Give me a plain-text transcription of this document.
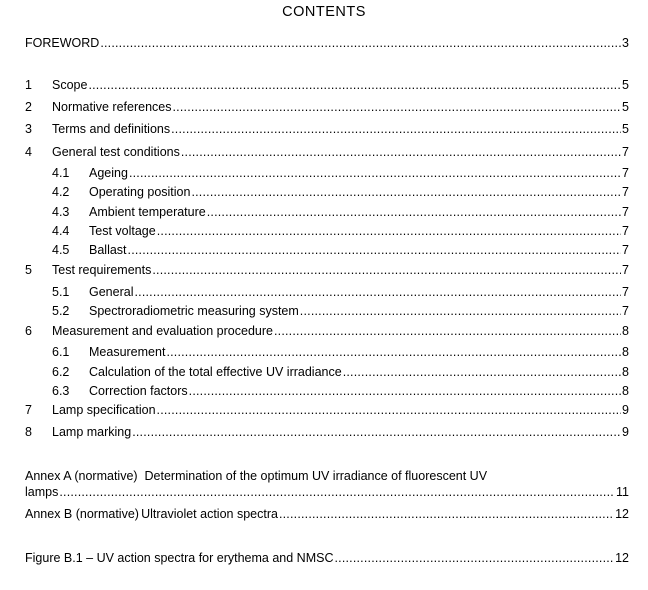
CONTENTS
FOREWORD .....	3
1	Scope .....	5
2	Normative references .....	5
3	Terms and definitions .....	5
4	General test conditions .....	7
4.1	Ageing .....	7
4.2	Operating position .....	7
4.3	Ambient temperature .....	7
4.4	Test voltage .....	7
4.5	Ballast .....	7
5	Test requirements .....	7
5.1	General .....	7
5.2	Spectroradiometric measuring system .....	7
6	Measurement and evaluation procedure .....	8
6.1	Measurement .....	8
6.2	Calculation of the total effective UV irradiance .....	8
6.3	Correction factors .....	8
7	Lamp specification .....	9
8	Lamp marking .....	9
Annex A (normative) Determination of the optimum UV irradiance of fluorescent UV
lamps .....	11
Annex B (normative) Ultraviolet action spectra .....	12
Figure B.1 – UV action spectra for erythema and NMSC .....	12
